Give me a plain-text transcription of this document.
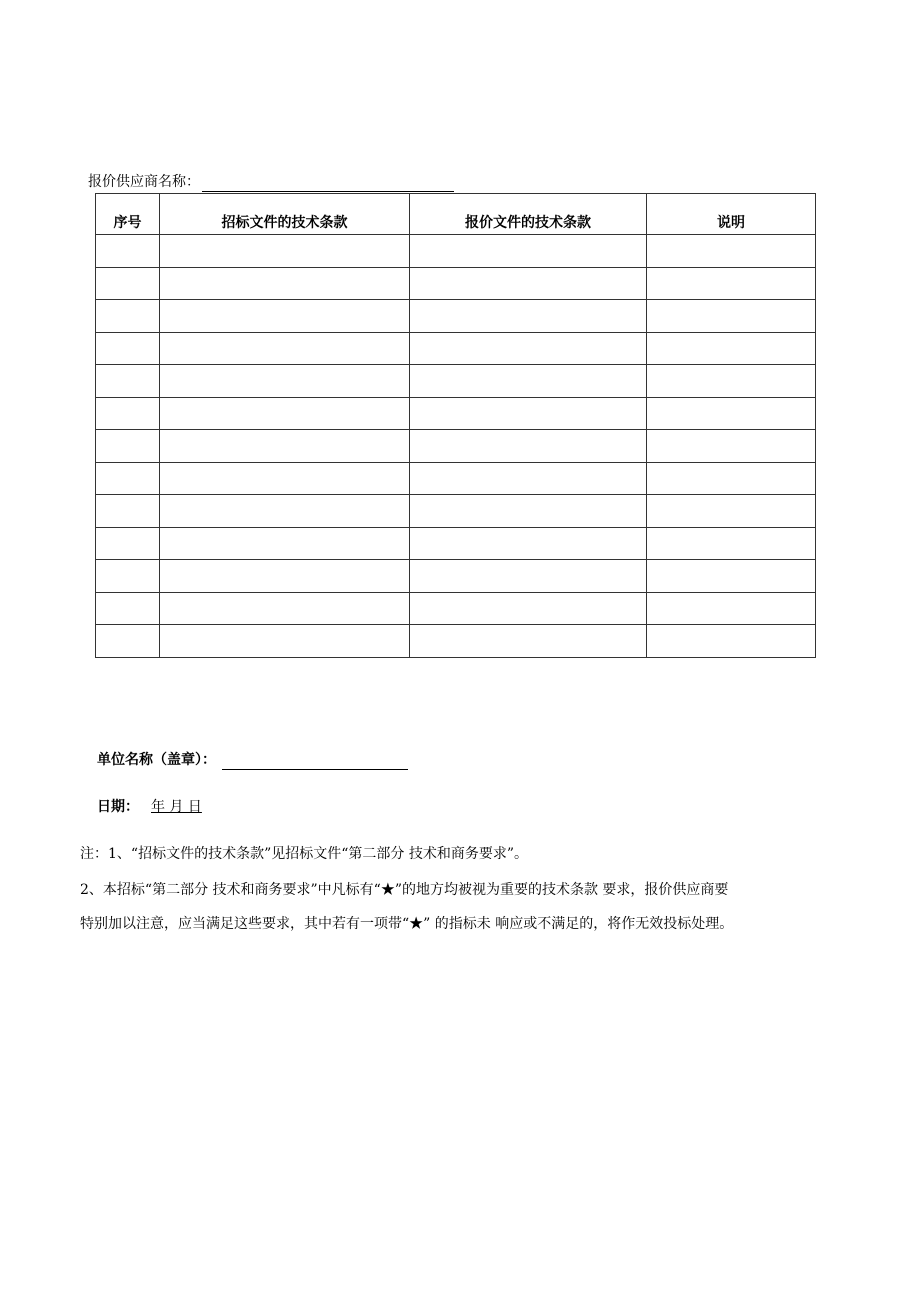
报价供应商名称：
序号	招标文件的技术条款	报价文件的技术条款	说明

单位名称（盖章）：
日期： 年 月 日
注：1、“招标文件的技术条款”见招标文件“第二部分 技术和商务要求”。
2、本招标“第二部分 技术和商务要求”中凡标有“★”的地方均被视为重要的技术条款 要求，报价供应商要
特别加以注意，应当满足这些要求，其中若有一项带“★” 的指标未 响应或不满足的，将作无效投标处理。
